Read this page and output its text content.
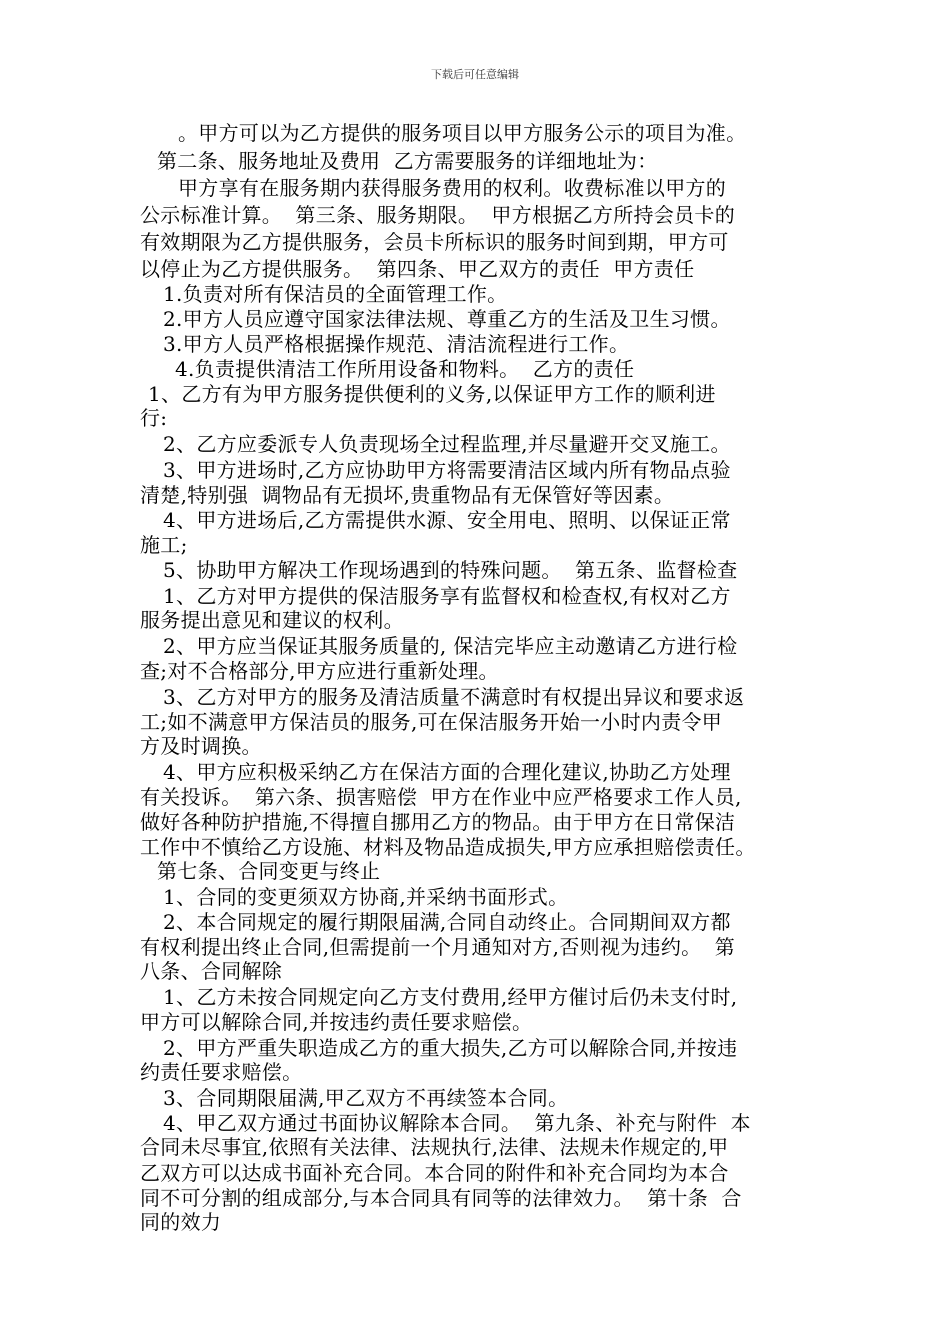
下载后可任意编辑
。甲方可以为乙方提供的服务项目以甲方服务公示的项目为准。
第二条、服务地址及费用  乙方需要服务的详细地址为：
甲方享有在服务期内获得服务费用的权利。收费标准以甲方的
公示标准计算。  第三条、服务期限。  甲方根据乙方所持会员卡的
有效期限为乙方提供服务，会员卡所标识的服务时间到期，甲方可
以停止为乙方提供服务。  第四条、甲乙双方的责任  甲方责任
1.负责对所有保洁员的全面管理工作。
2.甲方人员应遵守国家法律法规、尊重乙方的生活及卫生习惯。
3.甲方人员严格根据操作规范、清洁流程进行工作。
4.负责提供清洁工作所用设备和物料。  乙方的责任
1、乙方有为甲方服务提供便利的义务,以保证甲方工作的顺利进
行:
2、乙方应委派专人负责现场全过程监理,并尽量避开交叉施工。
3、甲方进场时,乙方应协助甲方将需要清洁区域内所有物品点验
清楚,特别强  调物品有无损坏,贵重物品有无保管好等因素。
4、甲方进场后,乙方需提供水源、安全用电、照明、以保证正常
施工;
5、协助甲方解决工作现场遇到的特殊问题。  第五条、监督检查
1、乙方对甲方提供的保洁服务享有监督权和检查权,有权对乙方
服务提出意见和建议的权利。
2、甲方应当保证其服务质量的, 保洁完毕应主动邀请乙方进行检
查;对不合格部分,甲方应进行重新处理。
3、乙方对甲方的服务及清洁质量不满意时有权提出异议和要求返
工;如不满意甲方保洁员的服务,可在保洁服务开始一小时内责令甲
方及时调换。
4、甲方应积极采纳乙方在保洁方面的合理化建议,协助乙方处理
有关投诉。  第六条、损害赔偿  甲方在作业中应严格要求工作人员,
做好各种防护措施,不得擅自挪用乙方的物品。由于甲方在日常保洁
工作中不慎给乙方设施、材料及物品造成损失,甲方应承担赔偿责任。
第七条、合同变更与终止
1、合同的变更须双方协商,并采纳书面形式。
2、本合同规定的履行期限届满,合同自动终止。合同期间双方都
有权利提出终止合同,但需提前一个月通知对方,否则视为违约。  第
八条、合同解除
1、乙方未按合同规定向乙方支付费用,经甲方催讨后仍未支付时,
甲方可以解除合同,并按违约责任要求赔偿。
2、甲方严重失职造成乙方的重大损失,乙方可以解除合同,并按违
约责任要求赔偿。
3、合同期限届满,甲乙双方不再续签本合同。
4、甲乙双方通过书面协议解除本合同。  第九条、补充与附件  本
合同未尽事宜,依照有关法律、法规执行,法律、法规未作规定的,甲
乙双方可以达成书面补充合同。本合同的附件和补充合同均为本合
同不可分割的组成部分,与本合同具有同等的法律效力。  第十条  合
同的效力
